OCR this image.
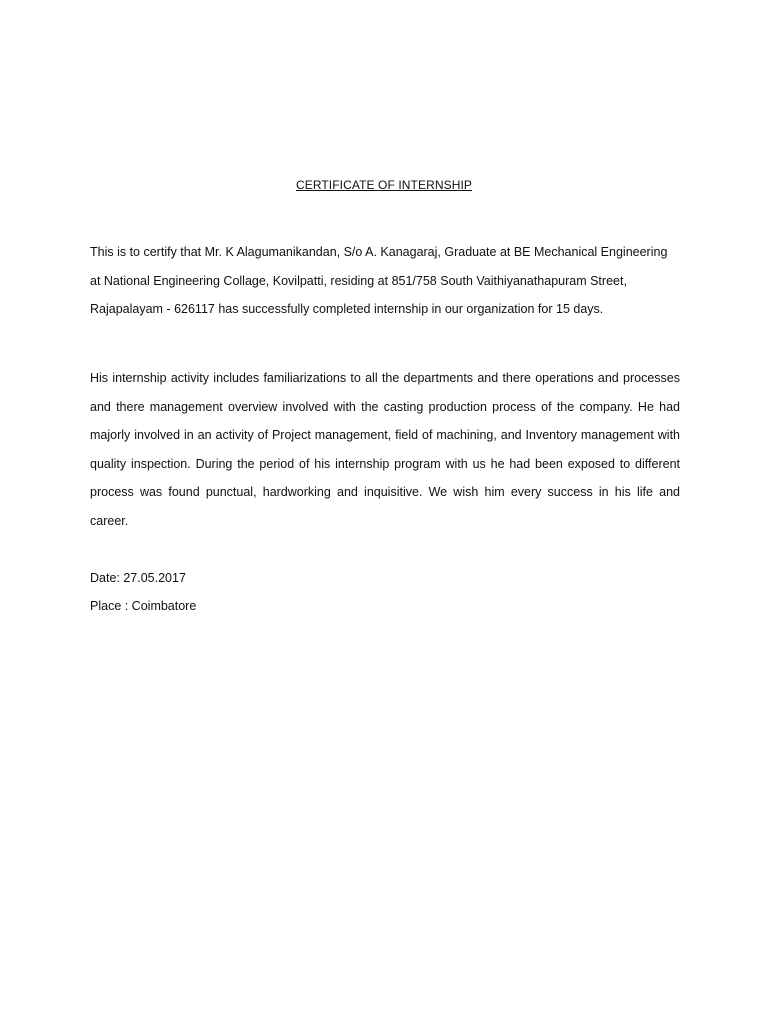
CERTIFICATE OF INTERNSHIP
This is to certify that Mr. K Alagumanikandan, S/o A. Kanagaraj, Graduate at BE Mechanical Engineering at National Engineering Collage, Kovilpatti, residing at 851/758 South Vaithiyanathapuram Street, Rajapalayam - 626117 has successfully completed internship in our organization for 15 days.
His internship activity includes familiarizations to all the departments and there operations and processes and there management overview involved with the casting production process of the company. He had majorly involved in an activity of Project management, field of machining, and Inventory management with quality inspection. During the period of his internship program with us he had been exposed to different process was found punctual, hardworking and inquisitive. We wish him every success in his life and career.
Date: 27.05.2017
Place : Coimbatore
